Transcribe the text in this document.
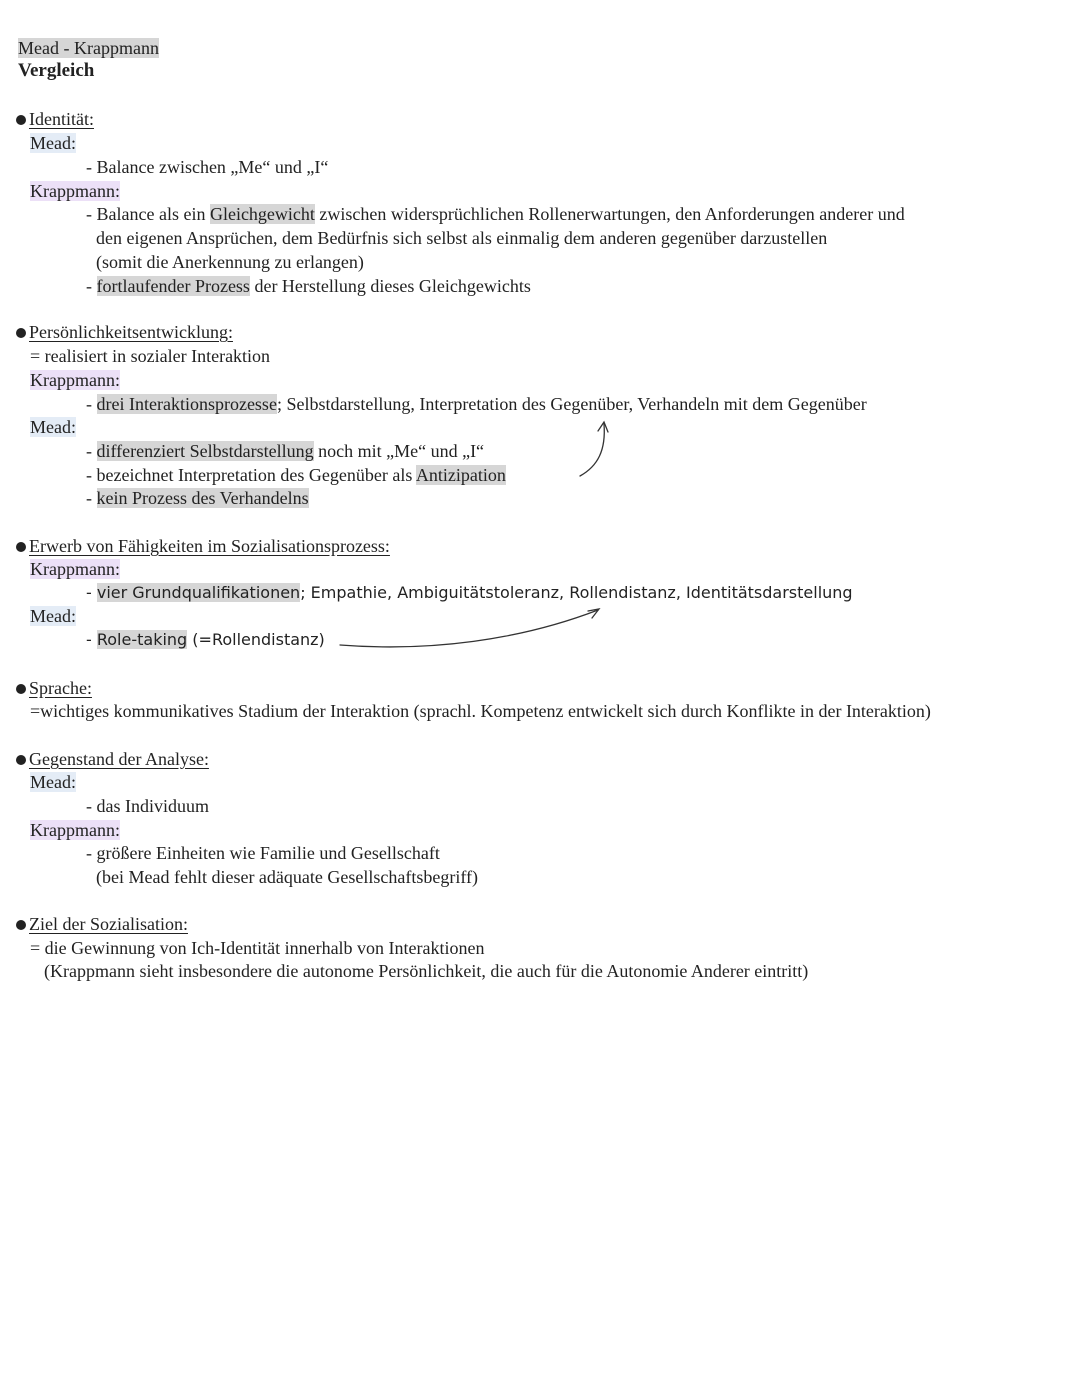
Mead - Krappmann
Vergleich
Identität:
Mead:
- Balance zwischen „Me“ und „I“
Krappmann:
- Balance als ein Gleichgewicht zwischen widersprüchlichen Rollenerwartungen, den Anforderungen anderer und
den eigenen Ansprüchen, dem Bedürfnis sich selbst als einmalig dem anderen gegenüber darzustellen
(somit die Anerkennung zu erlangen)
- fortlaufender Prozess der Herstellung dieses Gleichgewichts
Persönlichkeitsentwicklung:
= realisiert in sozialer Interaktion
Krappmann:
- drei Interaktionsprozesse; Selbstdarstellung, Interpretation des Gegenüber, Verhandeln mit dem Gegenüber
Mead:
- differenziert Selbstdarstellung noch mit „Me“ und „I“
- bezeichnet Interpretation des Gegenüber als Antizipation
- kein Prozess des Verhandelns
Erwerb von Fähigkeiten im Sozialisationsprozess:
Krappmann:
- vier Grundqualifikationen; Empathie, Ambiguitätstoleranz, Rollendistanz, Identitätsdarstellung
Mead:
- Role-taking (=Rollendistanz)
Sprache:
=wichtiges kommunikatives Stadium der Interaktion (sprachl. Kompetenz entwickelt sich durch Konflikte in der Interaktion)
Gegenstand der Analyse:
Mead:
- das Individuum
Krappmann:
- größere Einheiten wie Familie und Gesellschaft
(bei Mead fehlt dieser adäquate Gesellschaftsbegriff)
Ziel der Sozialisation:
= die Gewinnung von Ich-Identität innerhalb von Interaktionen
(Krappmann sieht insbesondere die autonome Persönlichkeit, die auch für die Autonomie Anderer eintritt)
